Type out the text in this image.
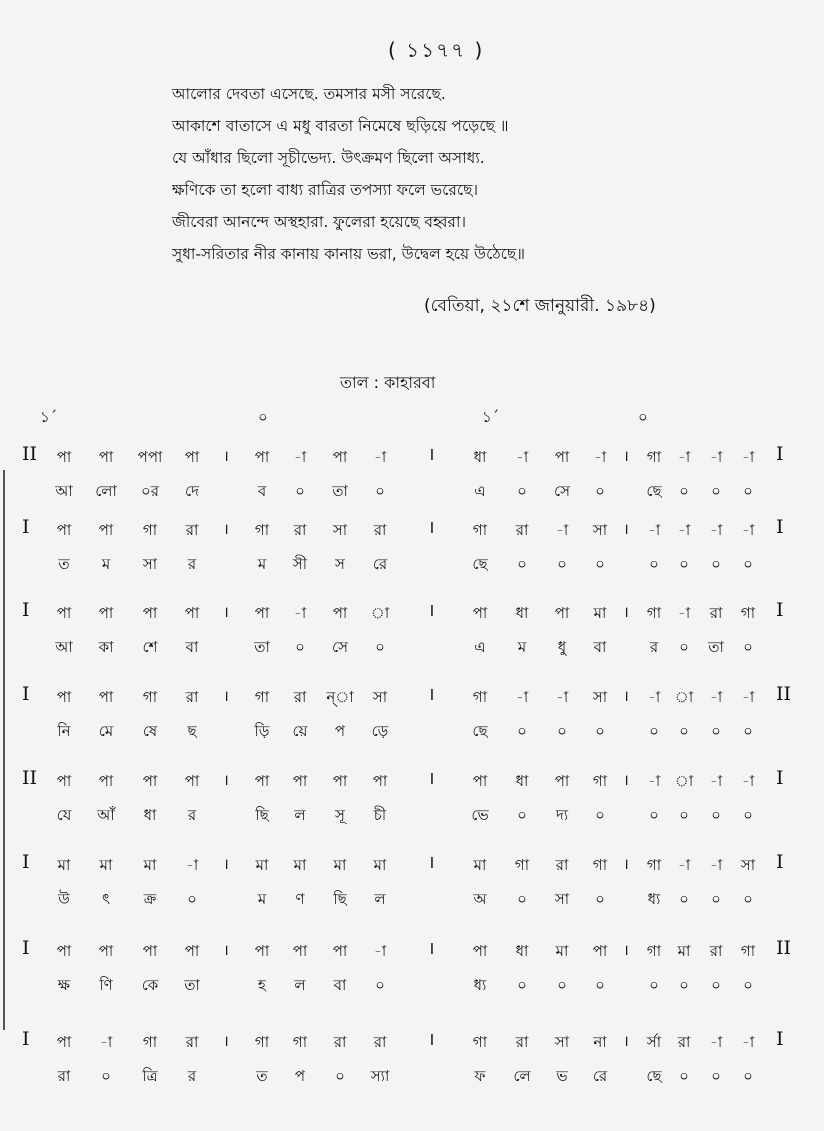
( ১১৭৭ )
আলোর দেবতা এসেছে. তমসার মসী সরেছে.
আকাশে বাতাসে এ মধু বারতা নিমেষে ছড়িয়ে পড়েছে ॥
যে আঁধার ছিলো সূচীভেদ্য. উৎক্রমণ ছিলো অসাধ্য.
ক্ষণিকে তা হলো বাধ্য রাত্রির তপস্যা ফলে ভরেছে।
জীবেরা আনন্দে অস্থহারা. ফুলেরা হয়েছে বহ্বরা।
সুধা-সরিতার নীর কানায় কানায় ভরা, উদ্বেল হয়ে উঠেছে॥
(বেতিয়া, ২১শে জানুয়ারী. ১৯৮৪)
তাল : কাহারবা
১´	০	১´	০
II	I
পা পা পপা পা । পা -া পা -া	I	ধা -া পা -া । গা -া -া -া
আ লো ০র দে	ব ০ তা ০	এ ০ সে ০	ছে ০ ০ ০
I	I
পা পা গা রা । গা রা সা রা	I	গা রা -া সা । -া -া -া -া
ত ম সা র	ম সী স রে	ছে ০ ০ ০	০ ০ ০ ০
I	I
পা পা পা পা । পা -া পা া	I	পা ধা পা মা । গা -া রা গা
আ কা শে বা	তা ০ সে ০	এ ম ধু বা	র ০ তা ০
I	II
পা পা গা রা । গা রা ন্‌া সা	I	গা -া -া সা । -া া -া -া
নি মে ষে ছ	ড়ি য়ে প ড়ে	ছে ০ ০ ০	০ ০ ০ ০
II	I
পা পা পা পা । পা পা পা পা	I	পা ধা পা গা । -া া -া -া
যে আঁ ধা র	ছি ল সূ চী	ভে ০ দ্য ০	০ ০ ০ ০
I	I
মা মা মা -া । মা মা মা মা	I	মা গা রা গা । গা -া -া সা
উ ৎ ক্র ০	ম ণ ছি ল	অ ০ সা ০	ধ্য ০ ০ ০
I	II
পা পা পা পা । পা পা পা -া	I	পা ধা মা পা । গা মা রা গা
ক্ষ ণি কে তা	হ ল বা ০	ধ্য ০ ০ ০	০ ০ ০ ০
I	I
পা -া গা রা । গা গা রা রা	I	গা রা সা না । র্সা রা -া -া
রা ০ ত্রি র	ত প ০ স্যা	ফ লে ভ রে	ছে ০ ০ ০
